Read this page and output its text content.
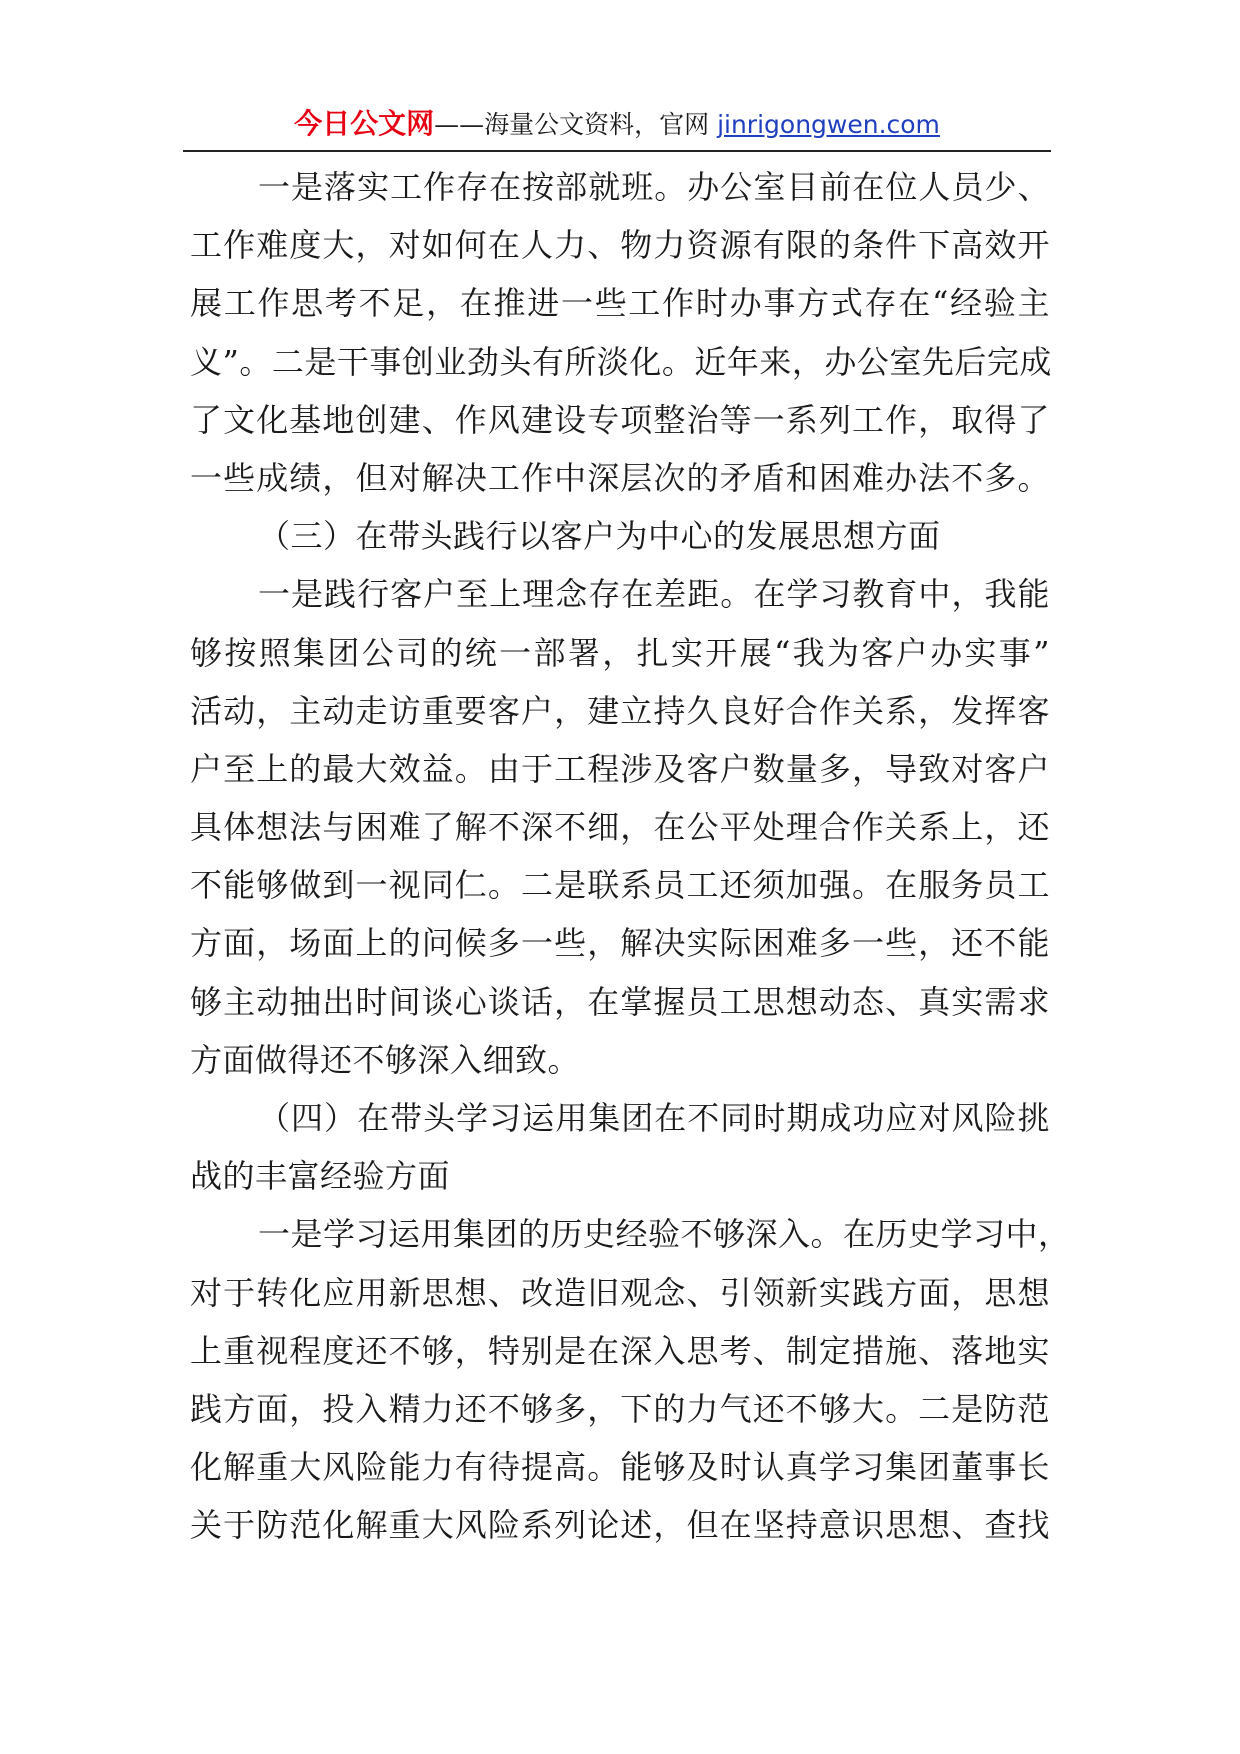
今日公文网——海量公文资料，官网 jinrigongwen.com
一是落实工作存在按部就班。办公室目前在位人员少、
工作难度大，对如何在人力、物力资源有限的条件下高效开
展工作思考不足，在推进一些工作时办事方式存在“经验主
义”。二是干事创业劲头有所淡化。近年来，办公室先后完成
了文化基地创建、作风建设专项整治等一系列工作，取得了
一些成绩，但对解决工作中深层次的矛盾和困难办法不多。
（三）在带头践行以客户为中心的发展思想方面
一是践行客户至上理念存在差距。在学习教育中，我能
够按照集团公司的统一部署，扎实开展“我为客户办实事”
活动，主动走访重要客户，建立持久良好合作关系，发挥客
户至上的最大效益。由于工程涉及客户数量多，导致对客户
具体想法与困难了解不深不细，在公平处理合作关系上，还
不能够做到一视同仁。二是联系员工还须加强。在服务员工
方面，场面上的问候多一些，解决实际困难多一些，还不能
够主动抽出时间谈心谈话，在掌握员工思想动态、真实需求
方面做得还不够深入细致。
（四）在带头学习运用集团在不同时期成功应对风险挑
战的丰富经验方面
一是学习运用集团的历史经验不够深入。在历史学习中，
对于转化应用新思想、改造旧观念、引领新实践方面，思想
上重视程度还不够，特别是在深入思考、制定措施、落地实
践方面，投入精力还不够多，下的力气还不够大。二是防范
化解重大风险能力有待提高。能够及时认真学习集团董事长
关于防范化解重大风险系列论述，但在坚持意识思想、查找
